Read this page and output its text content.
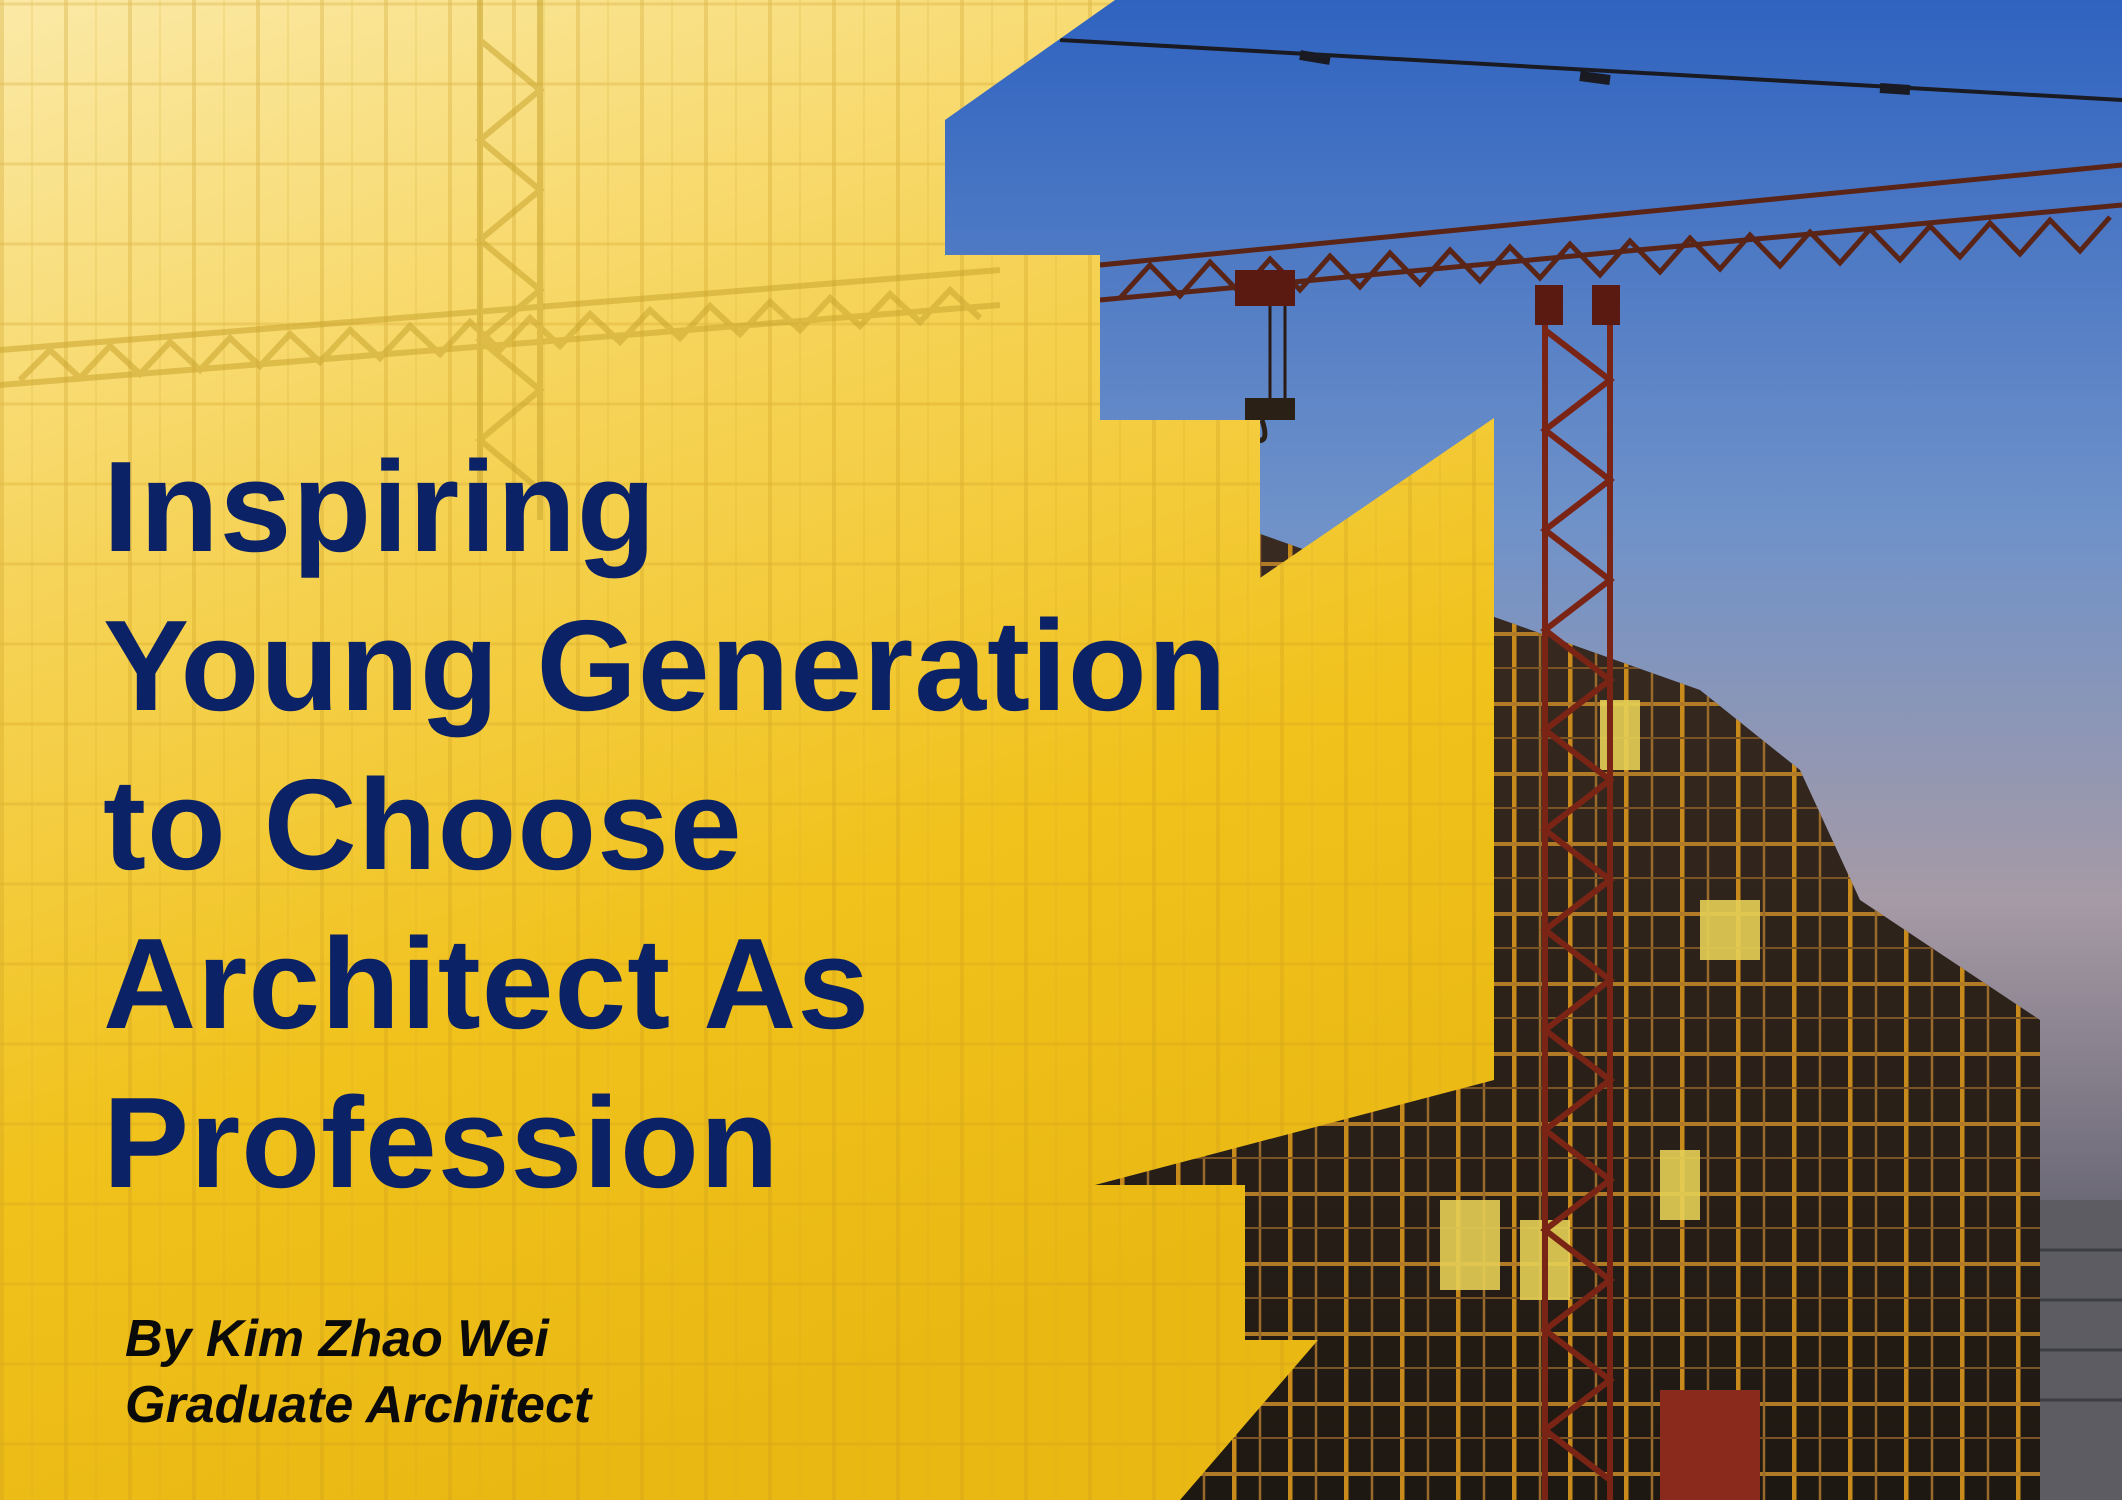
Inspiring
Young Generation
to Choose
Architect As
Profession
By Kim Zhao Wei
Graduate Architect
